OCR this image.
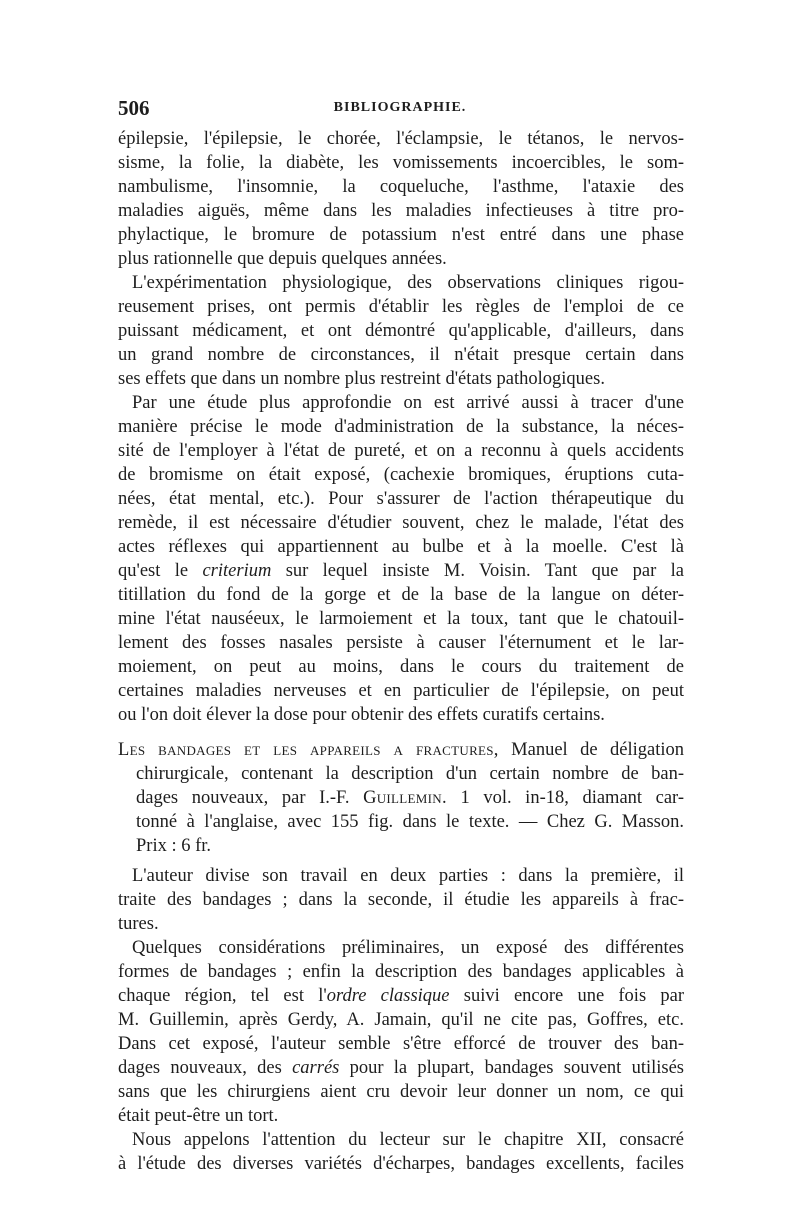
506	BIBLIOGRAPHIE.
épilepsie, l'épilepsie, le chorée, l'éclampsie, le tétanos, le nervos-
sisme, la folie, la diabète, les vomissements incoercibles, le som-
nambulisme, l'insomnie, la coqueluche, l'asthme, l'ataxie des
maladies aiguës, même dans les maladies infectieuses à titre pro-
phylactique, le bromure de potassium n'est entré dans une phase
plus rationnelle que depuis quelques années.
L'expérimentation physiologique, des observations cliniques rigou-
reusement prises, ont permis d'établir les règles de l'emploi de ce
puissant médicament, et ont démontré qu'applicable, d'ailleurs, dans
un grand nombre de circonstances, il n'était presque certain dans
ses effets que dans un nombre plus restreint d'états pathologiques.
Par une étude plus approfondie on est arrivé aussi à tracer d'une
manière précise le mode d'administration de la substance, la néces-
sité de l'employer à l'état de pureté, et on a reconnu à quels accidents
de bromisme on était exposé, (cachexie bromiques, éruptions cuta-
nées, état mental, etc.). Pour s'assurer de l'action thérapeutique du
remède, il est nécessaire d'étudier souvent, chez le malade, l'état des
actes réflexes qui appartiennent au bulbe et à la moelle. C'est là
qu'est le criterium sur lequel insiste M. Voisin. Tant que par la
titillation du fond de la gorge et de la base de la langue on déter-
mine l'état nauséeux, le larmoiement et la toux, tant que le chatouil-
lement des fosses nasales persiste à causer l'éternument et le lar-
moiement, on peut au moins, dans le cours du traitement de
certaines maladies nerveuses et en particulier de l'épilepsie, on peut
ou l'on doit élever la dose pour obtenir des effets curatifs certains.
Les bandages et les appareils a fractures, Manuel de déligation
chirurgicale, contenant la description d'un certain nombre de ban-
dages nouveaux, par I.-F. Guillemin. 1 vol. in-18, diamant car-
tonné à l'anglaise, avec 155 fig. dans le texte. — Chez G. Masson.
Prix : 6 fr.
L'auteur divise son travail en deux parties : dans la première, il
traite des bandages ; dans la seconde, il étudie les appareils à frac-
tures.
Quelques considérations préliminaires, un exposé des différentes
formes de bandages ; enfin la description des bandages applicables à
chaque région, tel est l'ordre classique suivi encore une fois par
M. Guillemin, après Gerdy, A. Jamain, qu'il ne cite pas, Goffres, etc.
Dans cet exposé, l'auteur semble s'être efforcé de trouver des ban-
dages nouveaux, des carrés pour la plupart, bandages souvent utilisés
sans que les chirurgiens aient cru devoir leur donner un nom, ce qui
était peut-être un tort.
Nous appelons l'attention du lecteur sur le chapitre XII, consacré
à l'étude des diverses variétés d'écharpes, bandages excellents, faciles
